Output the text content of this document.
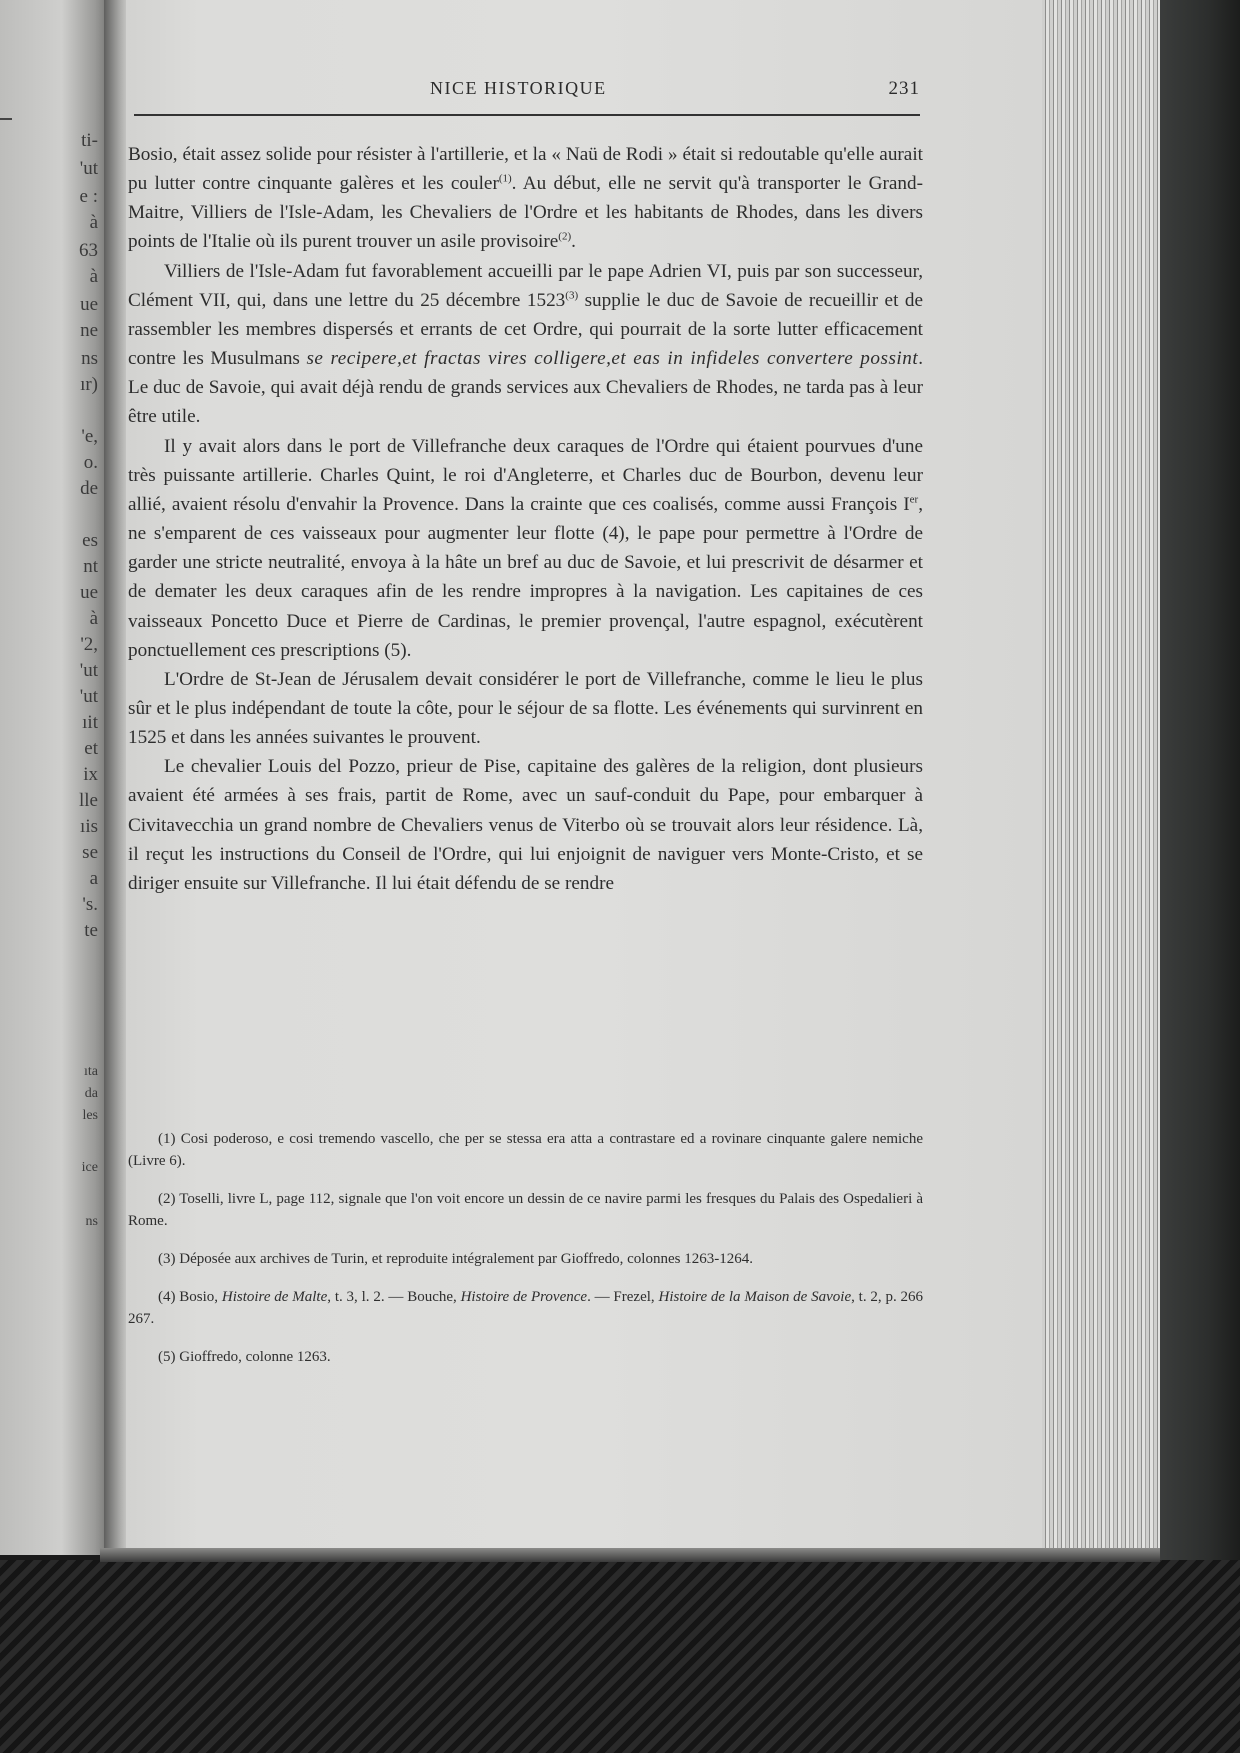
ti-
'ut
e :
à
63
à
ue
ne
ns
ır)
'e,
o.
de
es
nt
ue
à
'2,
'ut
'ut
ıit
et
ix
lle
ıis
se
a
's.
te
ıta
da
les
ice
ns
NICE HISTORIQUE	231

Bosio, était assez solide pour résister à l'artillerie, et la « Naü de Rodi » était si redoutable qu'elle aurait pu lutter contre cinquante galères et les couler$^{(1)}$. Au début, elle ne servit qu'à transporter le Grand-Maitre, Villiers de l'Isle-Adam, les Chevaliers de l'Ordre et les habitants de Rhodes, dans les divers points de l'Italie où ils purent trouver un asile provisoire$^{(2)}$.

Villiers de l'Isle-Adam fut favorablement accueilli par le pape Adrien VI, puis par son successeur, Clément VII, qui, dans une lettre du 25 décembre 1523$^{(3)}$ supplie le duc de Savoie de recueillir et de rassembler les membres dispersés et errants de cet Ordre, qui pourrait de la sorte lutter efficacement contre les Musulmans se recipere,et fractas vires colligere,et eas in infideles convertere possint. Le duc de Savoie, qui avait déjà rendu de grands services aux Chevaliers de Rhodes, ne tarda pas à leur être utile.

Il y avait alors dans le port de Villefranche deux caraques de l'Ordre qui étaient pourvues d'une très puissante artillerie. Charles Quint, le roi d'Angleterre, et Charles duc de Bourbon, devenu leur allié, avaient résolu d'envahir la Provence. Dans la crainte que ces coalisés, comme aussi François Ier, ne s'emparent de ces vaisseaux pour augmenter leur flotte (4), le pape pour permettre à l'Ordre de garder une stricte neutralité, envoya à la hâte un bref au duc de Savoie, et lui prescrivit de désarmer et de demater les deux caraques afin de les rendre impropres à la navigation. Les capitaines de ces vaisseaux Poncetto Duce et Pierre de Cardinas, le premier provençal, l'autre espagnol, exécutèrent ponctuellement ces prescriptions (5).

L'Ordre de St-Jean de Jérusalem devait considérer le port de Villefranche, comme le lieu le plus sûr et le plus indépendant de toute la côte, pour le séjour de sa flotte. Les événements qui survinrent en 1525 et dans les années suivantes le prouvent.

Le chevalier Louis del Pozzo, prieur de Pise, capitaine des galères de la religion, dont plusieurs avaient été armées à ses frais, partit de Rome, avec un sauf-conduit du Pape, pour embarquer à Civitavecchia un grand nombre de Chevaliers venus de Viterbo où se trouvait alors leur résidence. Là, il reçut les instructions du Conseil de l'Ordre, qui lui enjoignit de naviguer vers Monte-Cristo, et se diriger ensuite sur Villefranche. Il lui était défendu de se rendre

(1) Cosi poderoso, e cosi tremendo vascello, che per se stessa era atta a contrastare ed a rovinare cinquante galere nemiche (Livre 6).

(2) Toselli, livre L, page 112, signale que l'on voit encore un dessin de ce navire parmi les fresques du Palais des Ospedalieri à Rome.

(3) Déposée aux archives de Turin, et reproduite intégralement par Gioffredo, colonnes 1263-1264.

(4) Bosio, Histoire de Malte, t. 3, l. 2. — Bouche, Histoire de Provence. — Frezel, Histoire de la Maison de Savoie, t. 2, p. 266 267.

(5) Gioffredo, colonne 1263.
